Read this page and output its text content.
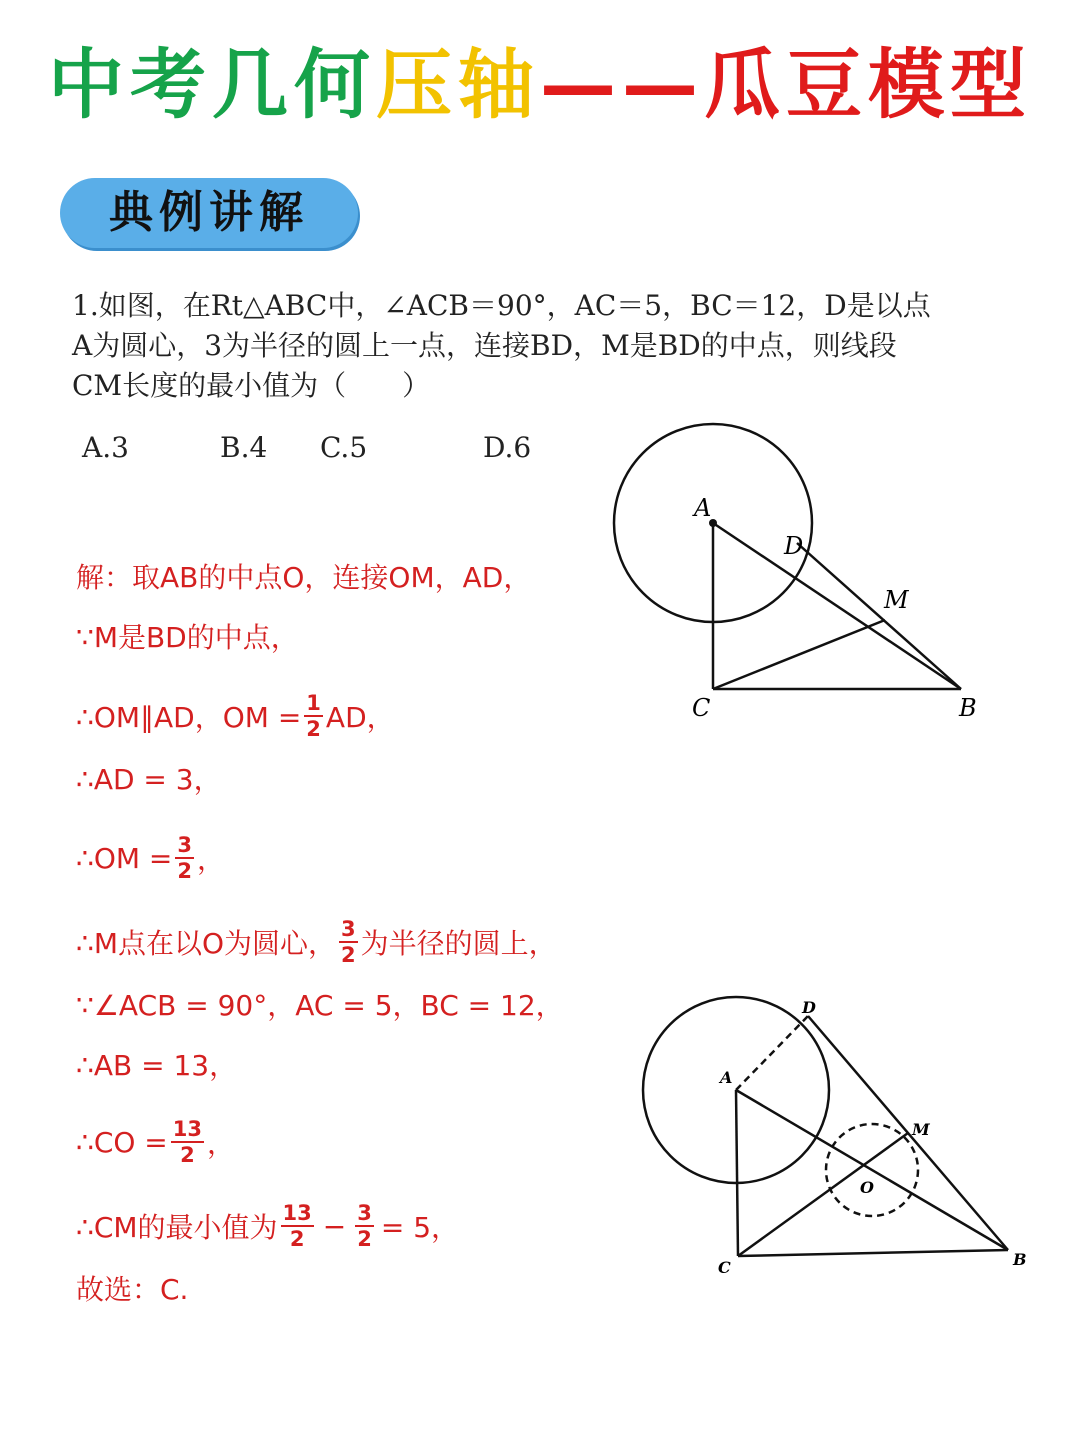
中考几何压轴——瓜豆模型
典例讲解
1.如图，在Rt△ABC中，∠ACB＝90°，AC＝5，BC＝12，D是以点
A为圆心，3为半径的圆上一点，连接BD，M是BD的中点，则线段
CM长度的最小值为（　　）
A.3	B.4 C.5	D.6
解：取AB的中点O，连接OM，AD，
∵M是BD的中点，
∴OM∥AD，OM = $\frac{1}{2}$ AD，
∴AD = 3，
∴OM = $\frac{3}{2}$ ，
∴M点在以O为圆心， $\frac{3}{2}$ 为半径的圆上，
∵∠ACB = 90°，AC = 5，BC = 12，
∴AB = 13，
∴CO = $\frac{13}{2}$ ，
∴CM的最小值为 $\frac{13}{2} - \frac{3}{2} = 5$，
故选：C.
A
D
M
C	B
D
A
M
O
C	B
